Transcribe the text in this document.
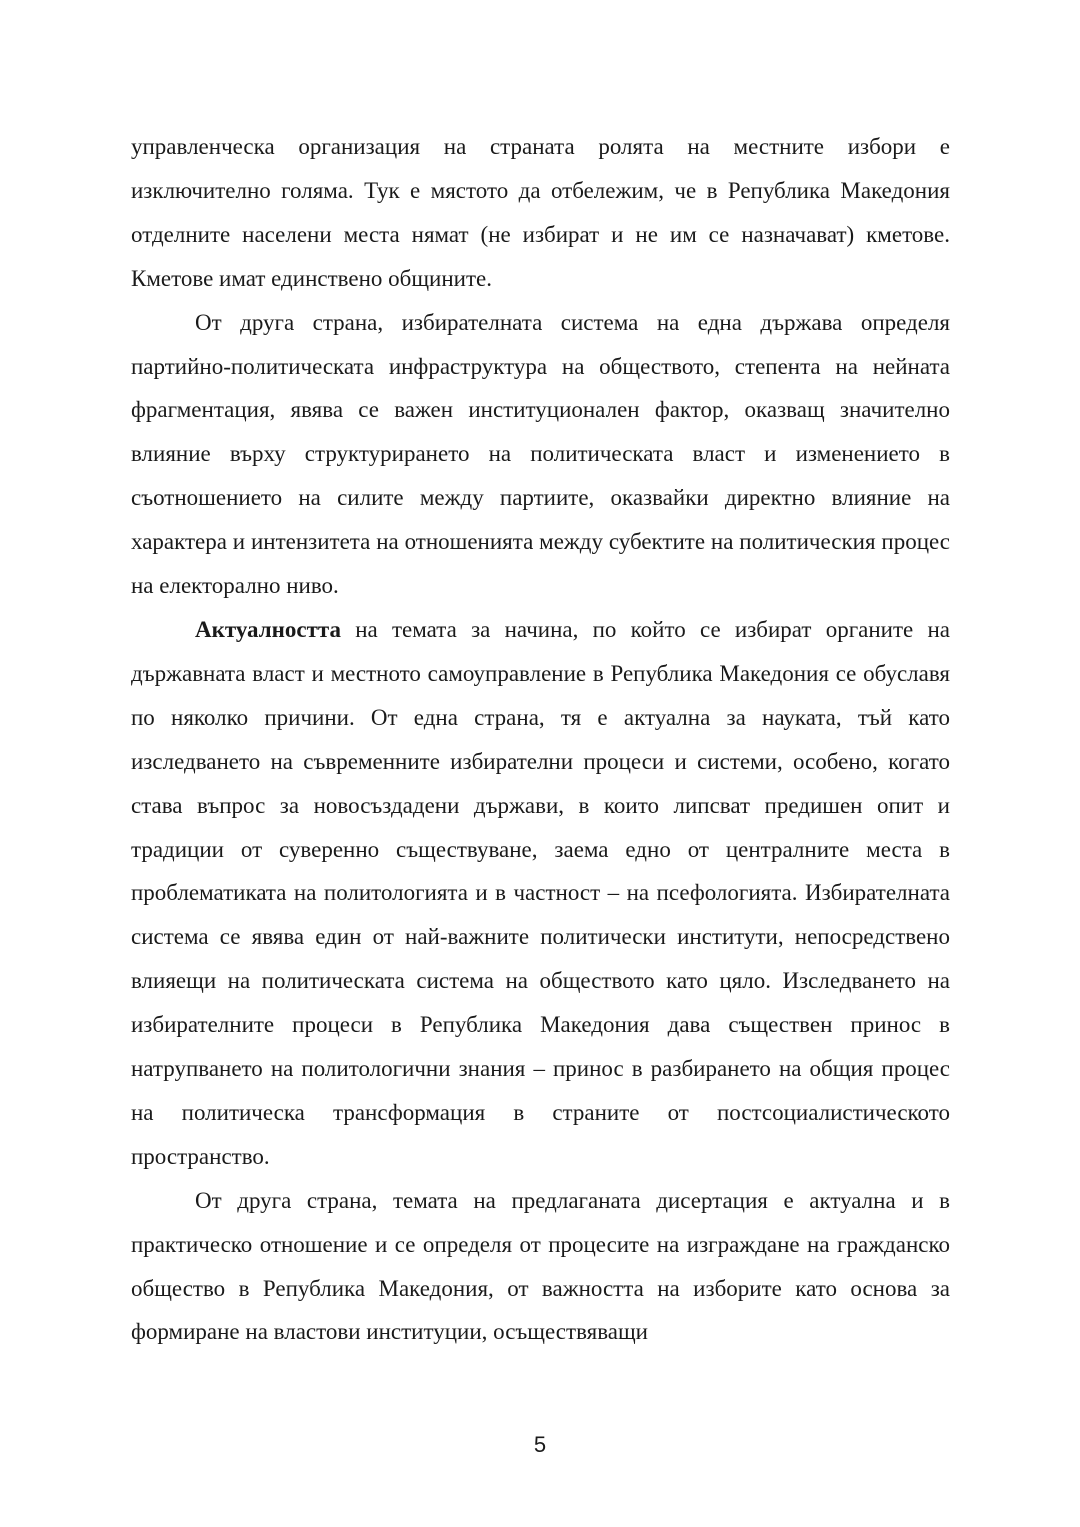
управленческа организация на страната ролята на местните избори е изключително голяма. Тук е мястото да отбележим, че в Република Македония отделните населени места нямат (не избират и не им се назначават) кметове. Кметове имат единствено общините.

От друга страна, избирателната система на една държава определя партийно-политическата инфраструктура на обществото, степента на нейната фрагментация, явява се важен институционален фактор, оказващ значително влияние върху структурирането на политическата власт и изменението в съотношението на силите между партиите, оказвайки директно влияние на характера и интензитета на отношенията между субектите на политическия процес на електорално ниво.

Актуалността на темата за начина, по който се избират органите на държавната власт и местното самоуправление в Република Македония се обуславя по няколко причини. От една страна, тя е актуална за науката, тъй като изследването на съвременните избирателни процеси и системи, особено, когато става въпрос за новосъздадени държави, в които липсват предишен опит и традиции от суверенно съществуване, заема едно от централните места в проблематиката на политологията и в частност – на псефологията. Избирателната система се явява един от най-важните политически институти, непосредствено влияещи на политическата система на обществото като цяло. Изследването на избирателните процеси в Република Македония дава съществен принос в натрупването на политологични знания – принос в разбирането на общия процес на политическа трансформация в страните от постсоциалистическото пространство.

От друга страна, темата на предлаганата дисертация е актуална и в практическо отношение и се определя от процесите на изграждане на гражданско общество в Република Македония, от важността на изборите като основа за формиране на властови институции, осъществяващи

5
